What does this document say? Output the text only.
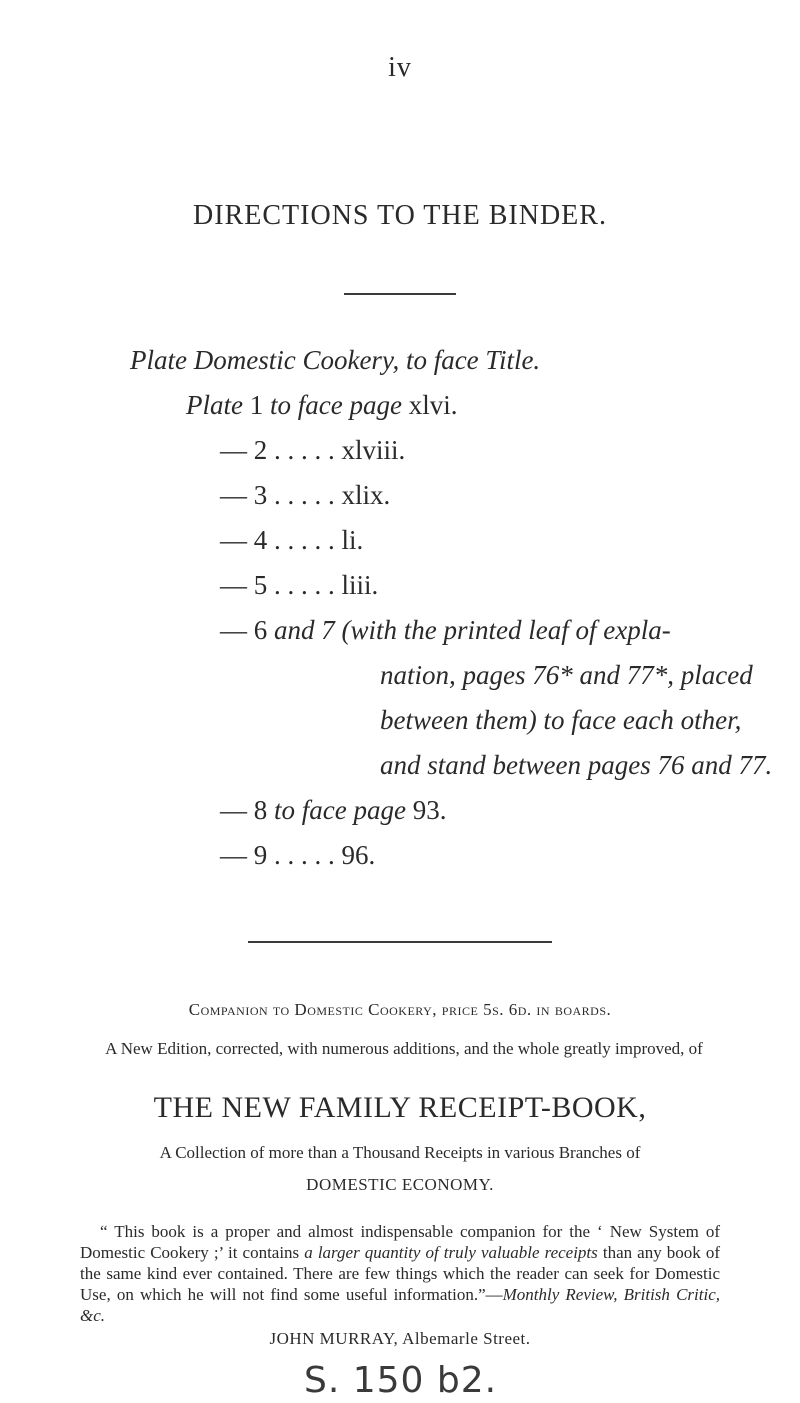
iv
DIRECTIONS TO THE BINDER.
Plate Domestic Cookery, to face Title.
Plate 1 to face page xlvi.
— 2 . . . . . xlviii.
— 3 . . . . . xlix.
— 4 . . . . . li.
— 5 . . . . . liii.
— 6 and 7 (with the printed leaf of expla-
nation, pages 76* and 77*, placed
between them) to face each other,
and stand between pages 76 and 77.
— 8 to face page 93.
— 9 . . . . . 96.
Companion to Domestic Cookery, price 5s. 6d. in boards.
A New Edition, corrected, with numerous additions, and the whole greatly improved, of
THE NEW FAMILY RECEIPT-BOOK,
A Collection of more than a Thousand Receipts in various Branches of
DOMESTIC ECONOMY.
“ This book is a proper and almost indispensable companion for the ‘ New System of Domestic Cookery ;’ it contains a larger quantity of truly valuable receipts than any book of the same kind ever contained. There are few things which the reader can seek for Domestic Use, on which he will not find some useful information.”—Monthly Review, British Critic, &c.
JOHN MURRAY, Albemarle Street.
S. 150 b2.
